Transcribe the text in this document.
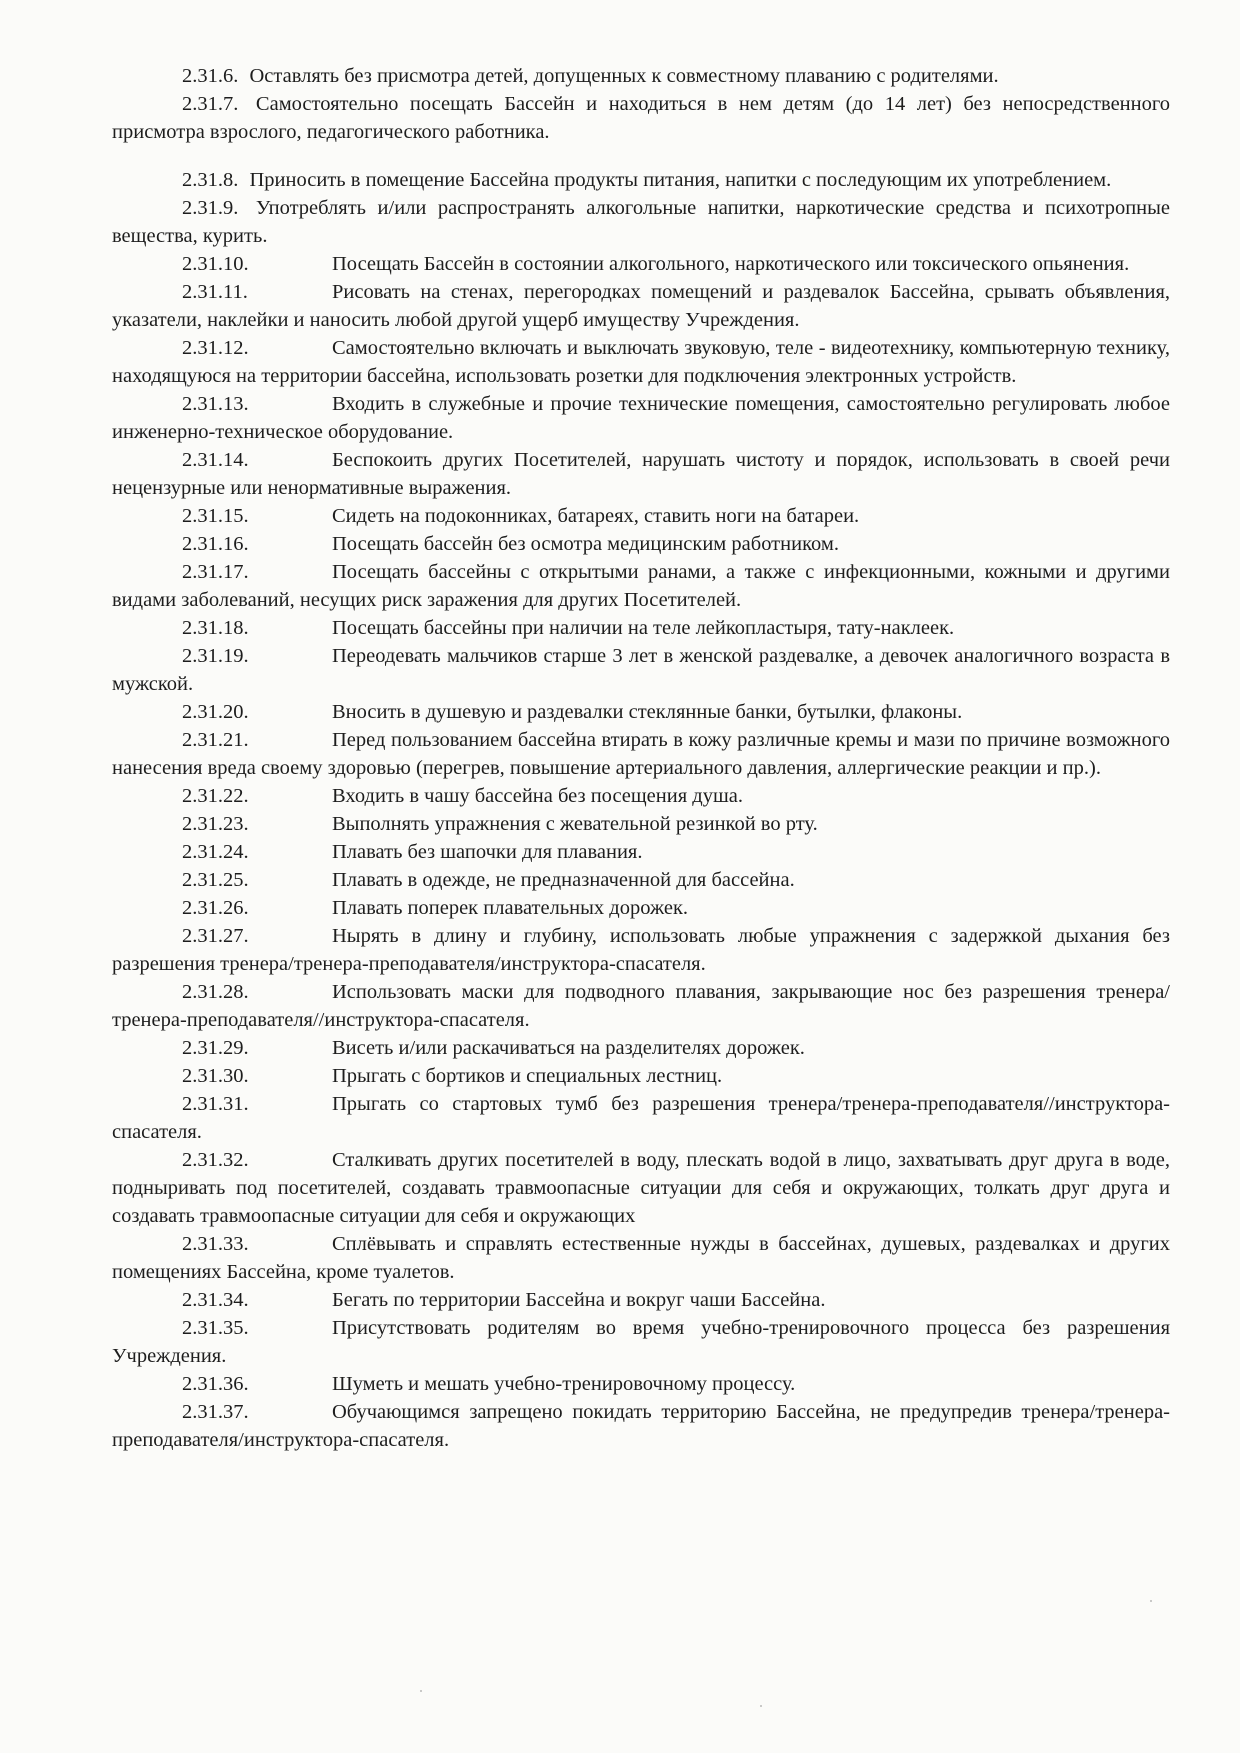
2.31.6. Оставлять без присмотра детей, допущенных к совместному плаванию с родителями.

2.31.7. Самостоятельно посещать Бассейн и находиться в нем детям (до 14 лет) без непосредственного присмотра взрослого, педагогического работника.

2.31.8. Приносить в помещение Бассейна продукты питания, напитки с последующим их употреблением.

2.31.9. Употреблять и/или распространять алкогольные напитки, наркотические средства и психотропные вещества, курить.

2.31.10.	Посещать Бассейн в состоянии алкогольного, наркотического или токсического опьянения.

2.31.11.	Рисовать на стенах, перегородках помещений и раздевалок Бассейна, срывать объявления, указатели, наклейки и наносить любой другой ущерб имуществу Учреждения.

2.31.12.	Самостоятельно включать и выключать звуковую, теле - видеотехнику, компьютерную технику, находящуюся на территории бассейна, использовать розетки для подключения электронных устройств.

2.31.13.	Входить в служебные и прочие технические помещения, самостоятельно регулировать любое инженерно-техническое оборудование.

2.31.14.	Беспокоить других Посетителей, нарушать чистоту и порядок, использовать в своей речи нецензурные или ненормативные выражения.

2.31.15.	Сидеть на подоконниках, батареях, ставить ноги на батареи.

2.31.16.	Посещать бассейн без осмотра медицинским работником.

2.31.17.	Посещать бассейны с открытыми ранами, а также с инфекционными, кожными и другими видами заболеваний, несущих риск заражения для других Посетителей.

2.31.18.	Посещать бассейны при наличии на теле лейкопластыря, тату-наклеек.

2.31.19.	Переодевать мальчиков старше 3 лет в женской раздевалке, а девочек аналогичного возраста в мужской.

2.31.20.	Вносить в душевую и раздевалки стеклянные банки, бутылки, флаконы.

2.31.21.	Перед пользованием бассейна втирать в кожу различные кремы и мази по причине возможного нанесения вреда своему здоровью (перегрев, повышение артериального давления, аллергические реакции и пр.).

2.31.22.	Входить в чашу бассейна без посещения душа.

2.31.23.	Выполнять упражнения с жевательной резинкой во рту.

2.31.24.	Плавать без шапочки для плавания.

2.31.25.	Плавать в одежде, не предназначенной для бассейна.

2.31.26.	Плавать поперек плавательных дорожек.

2.31.27.	Нырять в длину и глубину, использовать любые упражнения с задержкой дыхания без разрешения тренера/тренера-преподавателя/инструктора-спасателя.

2.31.28.	Использовать маски для подводного плавания, закрывающие нос без разрешения тренера/тренера-преподавателя//инструктора-спасателя.

2.31.29.	Висеть и/или раскачиваться на разделителях дорожек.

2.31.30.	Прыгать с бортиков и специальных лестниц.

2.31.31.	Прыгать со стартовых тумб без разрешения тренера/тренера-преподавателя//инструктора-спасателя.

2.31.32.	Сталкивать других посетителей в воду, плескать водой в лицо, захватывать друг друга в воде, подныривать под посетителей, создавать травмоопасные ситуации для себя и окружающих, толкать друг друга и создавать травмоопасные ситуации для себя и окружающих

2.31.33.	Сплёвывать и справлять естественные нужды в бассейнах, душевых, раздевалках и других помещениях Бассейна, кроме туалетов.

2.31.34.	Бегать по территории Бассейна и вокруг чаши Бассейна.

2.31.35.	Присутствовать родителям во время учебно-тренировочного процесса без разрешения Учреждения.

2.31.36.	Шуметь и мешать учебно-тренировочному процессу.

2.31.37.	Обучающимся запрещено покидать территорию Бассейна, не предупредив тренера/тренера-преподавателя/инструктора-спасателя.
